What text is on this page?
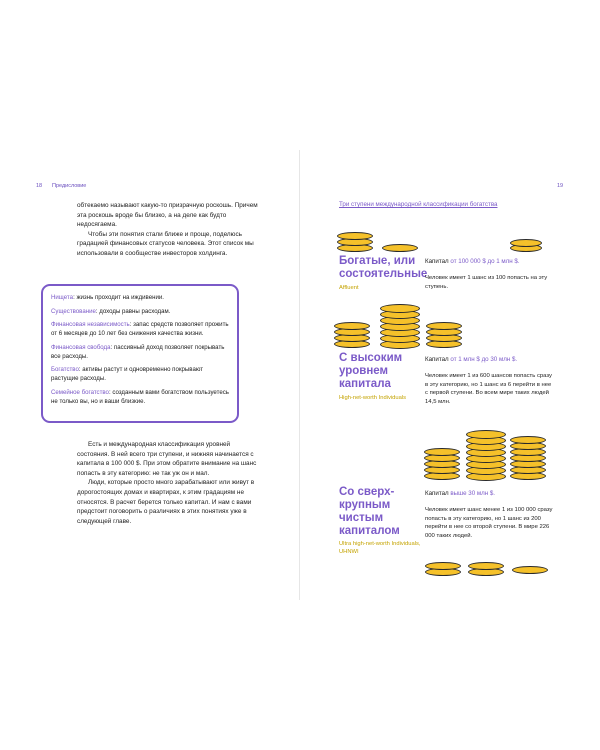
18 Предисловие

обтекаемо называют какую-то призрачную роскошь. Причем эта роскошь вроде бы близко, а на деле как будто недосягаема.

Чтобы эти понятия стали ближе и проще, поделюсь градацией финансовых статусов человека. Этот список мы использовали в сообществе инвесторов холдинга.

Нищета: жизнь проходит на иждивении.

Существование: доходы равны расходам.

Финансовая независимость: запас средств позволяет прожить от 6 месяцев до 10 лет без снижения качества жизни.

Финансовая свобода: пассивный доход позволяет покрывать все расходы.

Богатство: активы растут и одновременно покрывают растущие расходы.

Семейное богатство: созданным вами богатством пользуетесь не только вы, но и ваши близкие.

Есть и международная классификация уровней состояния. В ней всего три ступени, и нижняя начинается с капитала в 100 000 $. При этом обратите внимание на шанс попасть в эту категорию: не так уж он и мал.

Люди, которые просто много зарабатывают или живут в дорогостоящих домах и квартирах, к этим градациям не относятся. В расчет берется только капитал. И нам с вами предстоит поговорить о различиях в этих понятиях уже в следующей главе.

19
Три ступени международной классификации богатства
Богатые, или состоятельные
Affluent
Капитал от 100 000 $ до 1 млн $.
Человек имеет 1 шанс из 100 попасть на эту ступень.
С высоким уровнем капитала
High-net-worth Individuals
Капитал от 1 млн $ до 30 млн $.
Человек имеет 1 из 600 шансов попасть сразу в эту категорию, но 1 шанс из 6 перейти в нее с первой ступени. Во всем мире таких людей 14,5 млн.
Со сверх-крупным чистым капиталом
Ultra high-net-worth Individuals, UHNWI
Капитал выше 30 млн $.
Человек имеет шанс менее 1 из 100 000 сразу попасть в эту категорию, но 1 шанс из 200 перейти в нее со второй ступени. В мире 226 000 таких людей.
